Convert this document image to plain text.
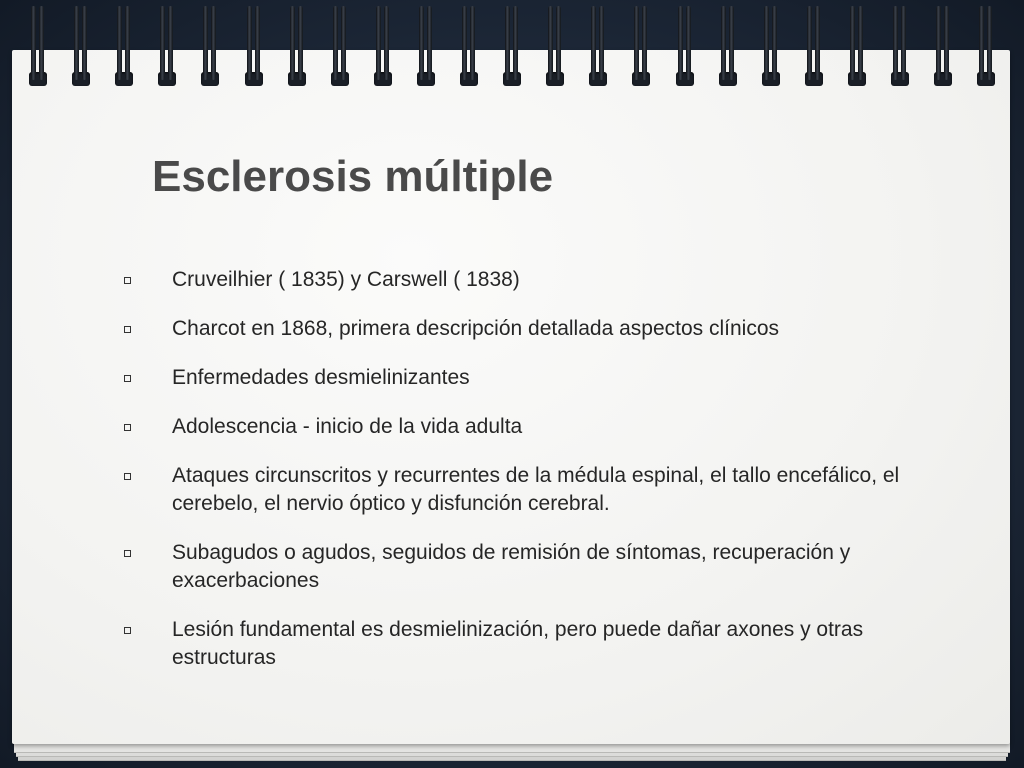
Esclerosis múltiple
Cruveilhier ( 1835) y Carswell ( 1838)
Charcot en 1868, primera descripción detallada aspectos clínicos
Enfermedades desmielinizantes
Adolescencia - inicio de la vida adulta
Ataques circunscritos y recurrentes de la médula espinal, el tallo encefálico, el cerebelo, el nervio óptico y disfunción cerebral.
Subagudos o agudos, seguidos de remisión de síntomas, recuperación y exacerbaciones
Lesión fundamental es desmielinización, pero puede dañar axones y otras estructuras
